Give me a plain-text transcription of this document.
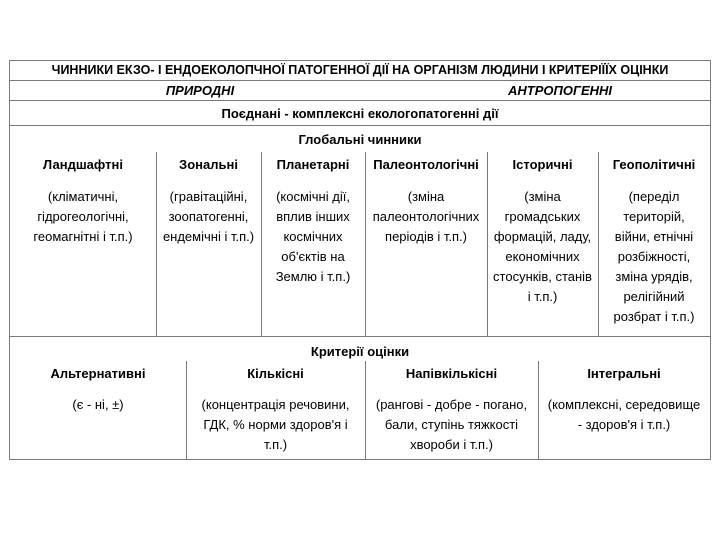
ЧИННИКИ ЕКЗО- І ЕНДОЕКОЛОПЧНОЇ ПАТОГЕННОЇ ДІЇ НА ОРГАНІЗМ ЛЮДИНИ І КРИТЕРІЇЇХ ОЦІНКИ
ПРИРОДНІ	АНТРОПОГЕННІ
Поєднані - комплексні екологопатогенні дії
Глобальні чинники
Ландшафтні
(кліматичні,
гідрогеологічні,
геомагнітні і т.п.)
Зональні
(гравітаційні,
зоопатогенні,
ендемічні і т.п.)
Планетарні
(космічні дії,
вплив інших
космічних
об'єктів на
Землю і т.п.)
Палеонтологічні
(зміна
палеонтологічних
періодів і т.п.)
Історичні
(зміна
громадських
формацій, ладу,
економічних
стосунків, станів
і т.п.)
Геополітичні
(переділ
територій,
війни, етнічні
розбіжності,
зміна урядів,
релігійний
розбрат і т.п.)
Критерії оцінки
Альтернативні
(є - ні, ±)
Кількісні
(концентрація речовини,
ГДК, % норми здоров'я і
т.п.)
Напівкількісні
(рангові - добре - погано,
бали, ступінь тяжкості
хвороби і т.п.)
Інтегральні
(комплексні, середовище
- здоров'я і т.п.)
